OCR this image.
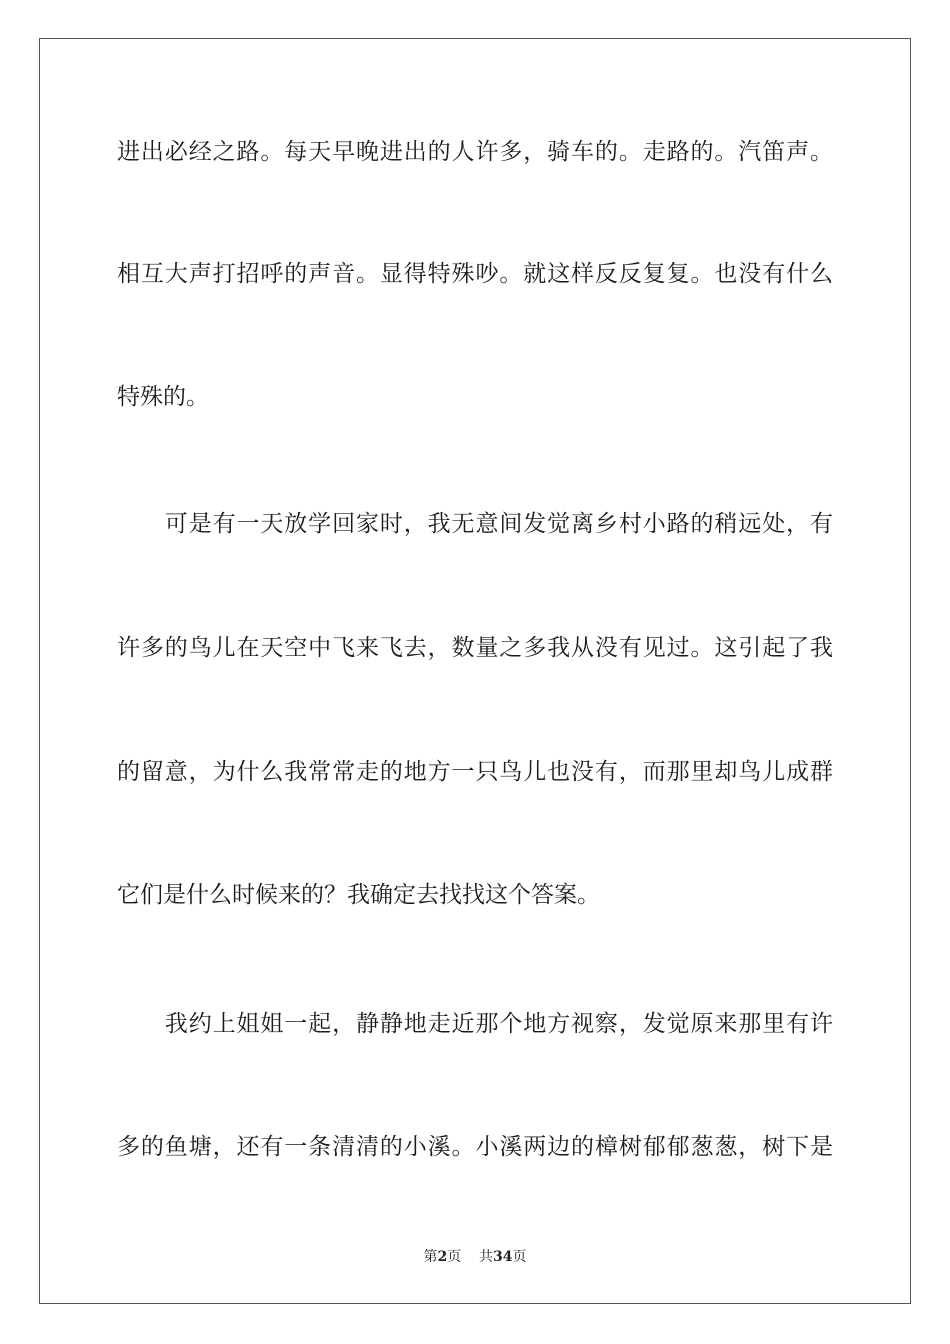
进出必经之路。每天早晚进出的人许多，骑车的。走路的。汽笛声。
相互大声打招呼的声音。显得特殊吵。就这样反反复复。也没有什么
特殊的。
　　可是有一天放学回家时，我无意间发觉离乡村小路的稍远处，有
许多的鸟儿在天空中飞来飞去，数量之多我从没有见过。这引起了我
的留意，为什么我常常走的地方一只鸟儿也没有，而那里却鸟儿成群
它们是什么时候来的？我确定去找找这个答案。
　　我约上姐姐一起，静静地走近那个地方视察，发觉原来那里有许
多的鱼塘，还有一条清清的小溪。小溪两边的樟树郁郁葱葱，树下是
第2页 共34页
